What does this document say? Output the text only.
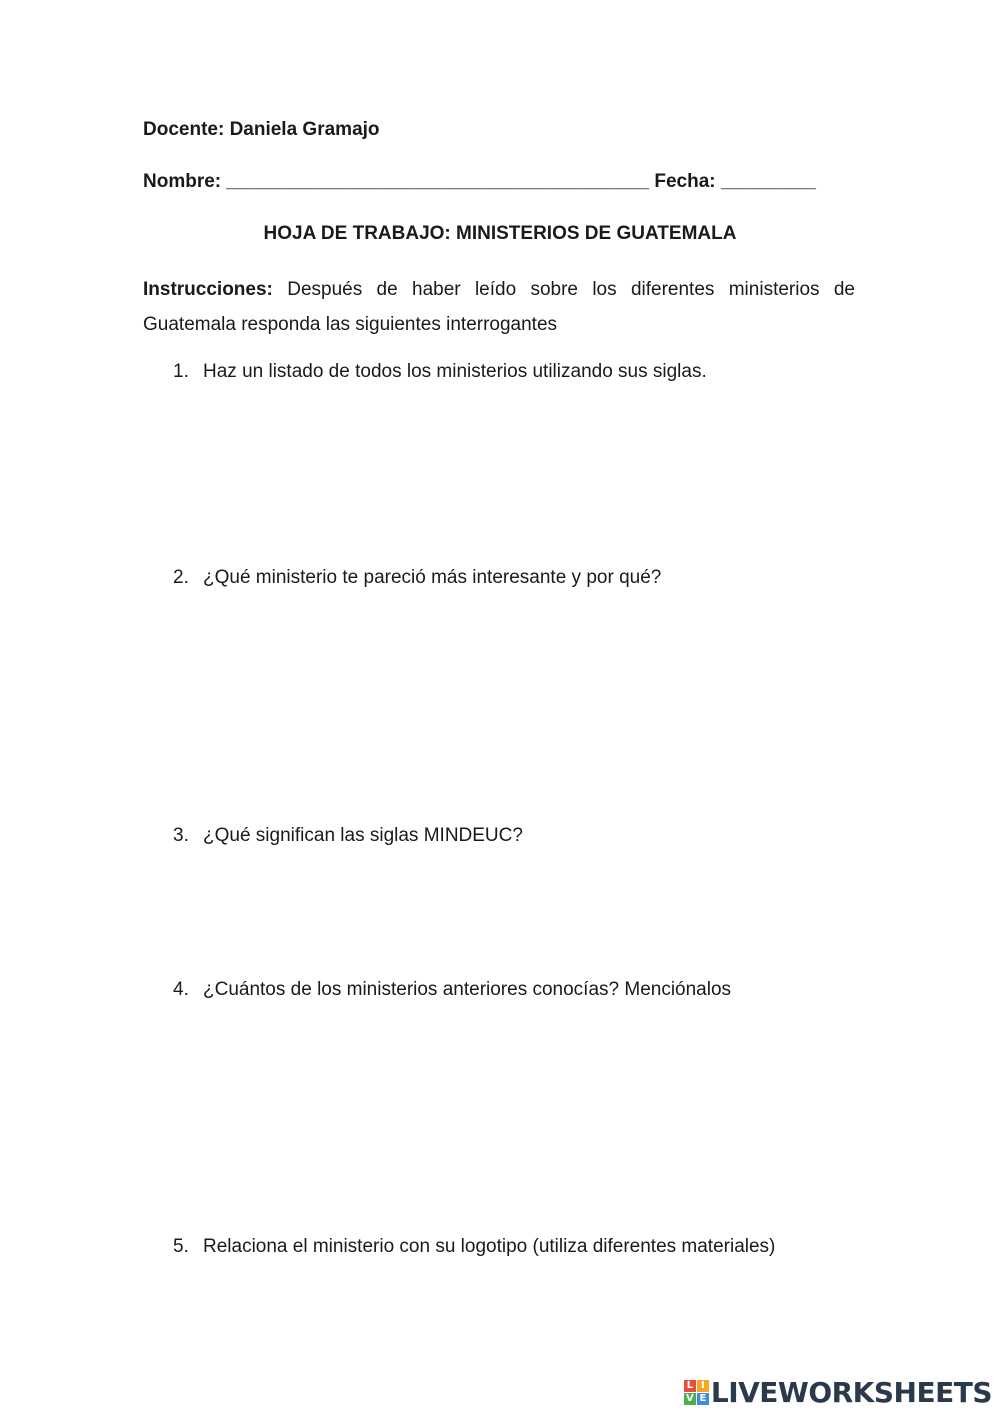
Docente: Daniela Gramajo
Nombre: ________________________________________ Fecha: _________
HOJA DE TRABAJO: MINISTERIOS DE GUATEMALA
Instrucciones: Después de haber leído sobre los diferentes ministerios de Guatemala responda las siguientes interrogantes
1. Haz un listado de todos los ministerios utilizando sus siglas.
2. ¿Qué ministerio te pareció más interesante y por qué?
3. ¿Qué significan las siglas MINDEUC?
4. ¿Cuántos de los ministerios anteriores conocías? Menciónalos
5. Relaciona el ministerio con su logotipo (utiliza diferentes materiales)
L I
V E LIVEWORKSHEETS
